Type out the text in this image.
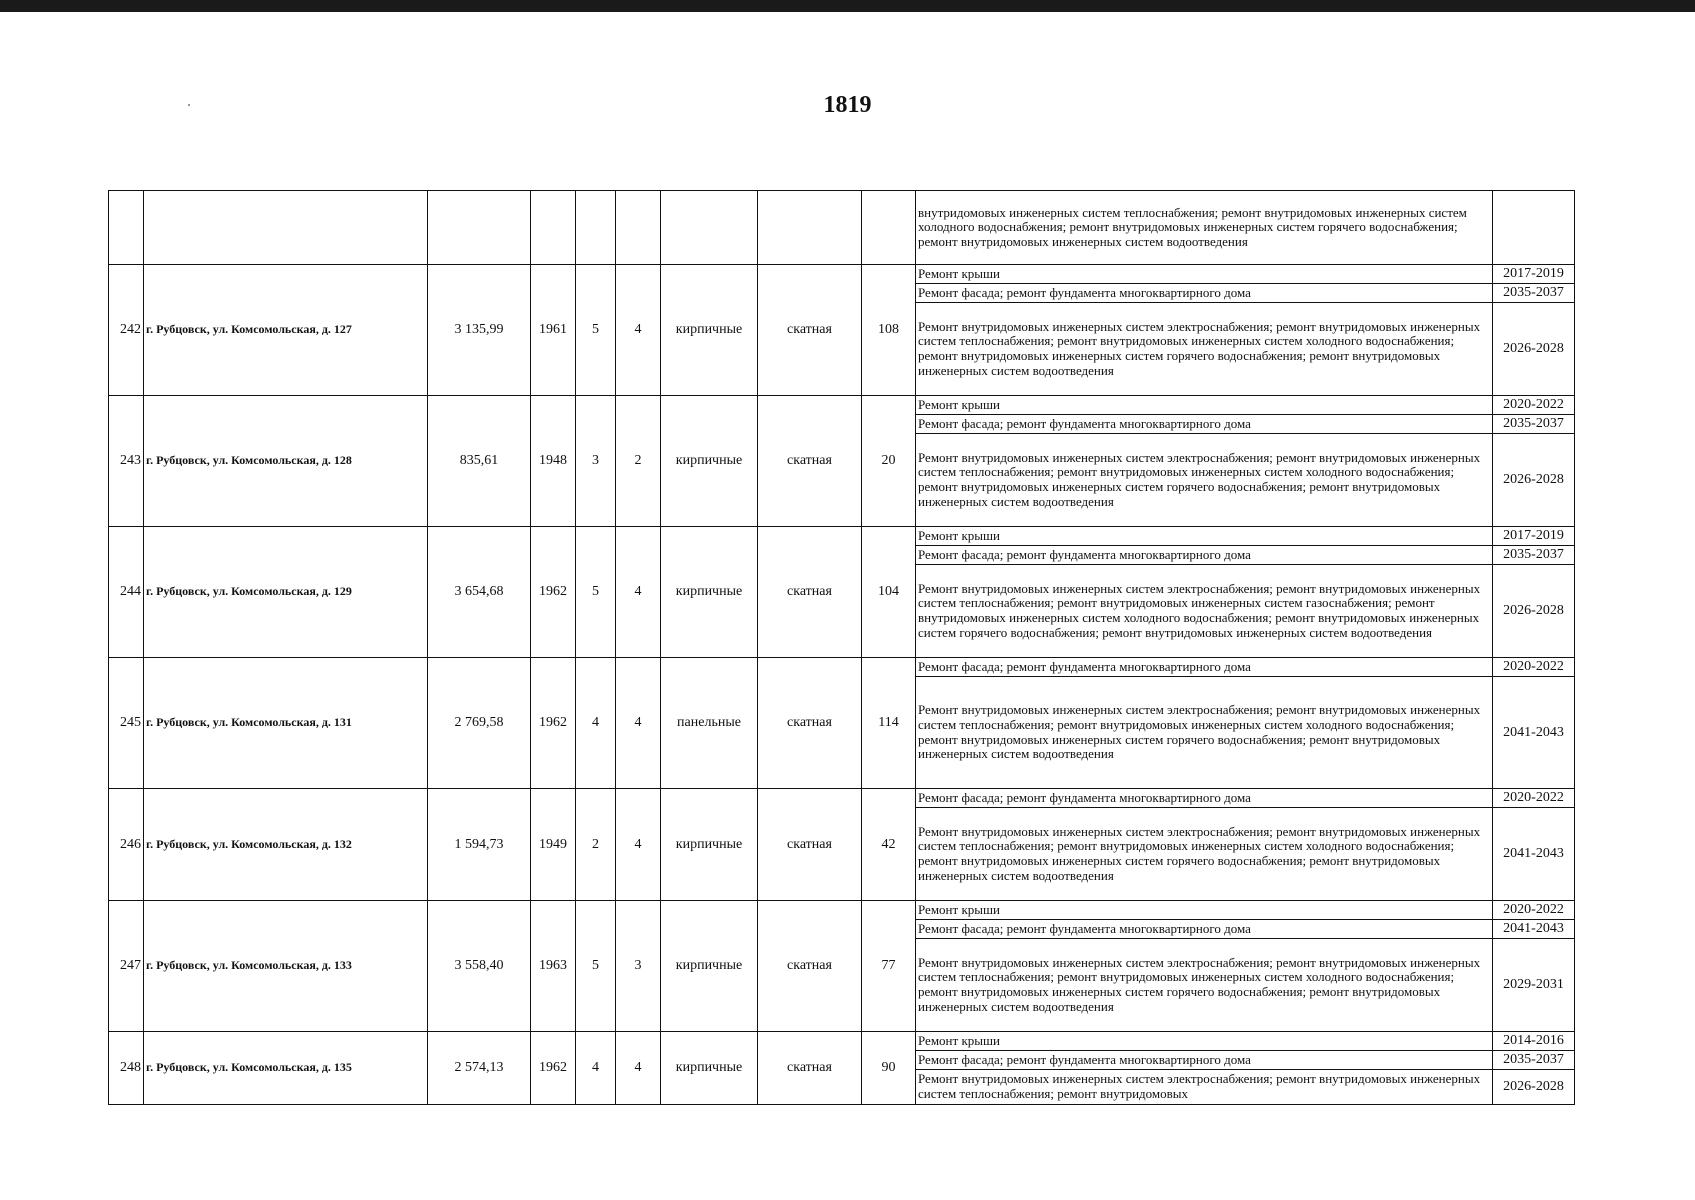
1819
									внутридомовых инженерных систем теплоснабжения; ремонт внутридомовых инженерных систем холодного водоснабжения; ремонт внутридомовых инженерных систем горячего водоснабжения; ремонт внутридомовых инженерных систем водоотведения	
242	г. Рубцовск, ул. Комсомольская, д. 127	3 135,99	1961	5	4	кирпичные	скатная	108	Ремонт крыши	2017-2019
									Ремонт фасада; ремонт фундамента многоквартирного дома	2035-2037
									Ремонт внутридомовых инженерных систем электроснабжения; ремонт внутридомовых инженерных систем теплоснабжения; ремонт внутридомовых инженерных систем холодного водоснабжения; ремонт внутридомовых инженерных систем горячего водоснабжения; ремонт внутридомовых инженерных систем водоотведения	2026-2028
243	г. Рубцовск, ул. Комсомольская, д. 128	835,61	1948	3	2	кирпичные	скатная	20	Ремонт крыши	2020-2022
									Ремонт фасада; ремонт фундамента многоквартирного дома	2035-2037
									Ремонт внутридомовых инженерных систем электроснабжения; ремонт внутридомовых инженерных систем теплоснабжения; ремонт внутридомовых инженерных систем холодного водоснабжения; ремонт внутридомовых инженерных систем горячего водоснабжения; ремонт внутридомовых инженерных систем водоотведения	2026-2028
244	г. Рубцовск, ул. Комсомольская, д. 129	3 654,68	1962	5	4	кирпичные	скатная	104	Ремонт крыши	2017-2019
									Ремонт фасада; ремонт фундамента многоквартирного дома	2035-2037
									Ремонт внутридомовых инженерных систем электроснабжения; ремонт внутридомовых инженерных систем теплоснабжения; ремонт внутридомовых инженерных систем газоснабжения; ремонт внутридомовых инженерных систем холодного водоснабжения; ремонт внутридомовых инженерных систем горячего водоснабжения; ремонт внутридомовых инженерных систем водоотведения	2026-2028
245	г. Рубцовск, ул. Комсомольская, д. 131	2 769,58	1962	4	4	панельные	скатная	114	Ремонт фасада; ремонт фундамента многоквартирного дома	2020-2022
									Ремонт внутридомовых инженерных систем электроснабжения; ремонт внутридомовых инженерных систем теплоснабжения; ремонт внутридомовых инженерных систем холодного водоснабжения; ремонт внутридомовых инженерных систем горячего водоснабжения; ремонт внутридомовых инженерных систем водоотведения	2041-2043
246	г. Рубцовск, ул. Комсомольская, д. 132	1 594,73	1949	2	4	кирпичные	скатная	42	Ремонт фасада; ремонт фундамента многоквартирного дома	2020-2022
									Ремонт внутридомовых инженерных систем электроснабжения; ремонт внутридомовых инженерных систем теплоснабжения; ремонт внутридомовых инженерных систем холодного водоснабжения; ремонт внутридомовых инженерных систем горячего водоснабжения; ремонт внутридомовых инженерных систем водоотведения	2041-2043
247	г. Рубцовск, ул. Комсомольская, д. 133	3 558,40	1963	5	3	кирпичные	скатная	77	Ремонт крыши	2020-2022
									Ремонт фасада; ремонт фундамента многоквартирного дома	2041-2043
									Ремонт внутридомовых инженерных систем электроснабжения; ремонт внутридомовых инженерных систем теплоснабжения; ремонт внутридомовых инженерных систем холодного водоснабжения; ремонт внутридомовых инженерных систем горячего водоснабжения; ремонт внутридомовых инженерных систем водоотведения	2029-2031
248	г. Рубцовск, ул. Комсомольская, д. 135	2 574,13	1962	4	4	кирпичные	скатная	90	Ремонт крыши	2014-2016
									Ремонт фасада; ремонт фундамента многоквартирного дома	2035-2037
									Ремонт внутридомовых инженерных систем электроснабжения; ремонт внутридомовых инженерных систем теплоснабжения; ремонт внутридомовых	2026-2028
